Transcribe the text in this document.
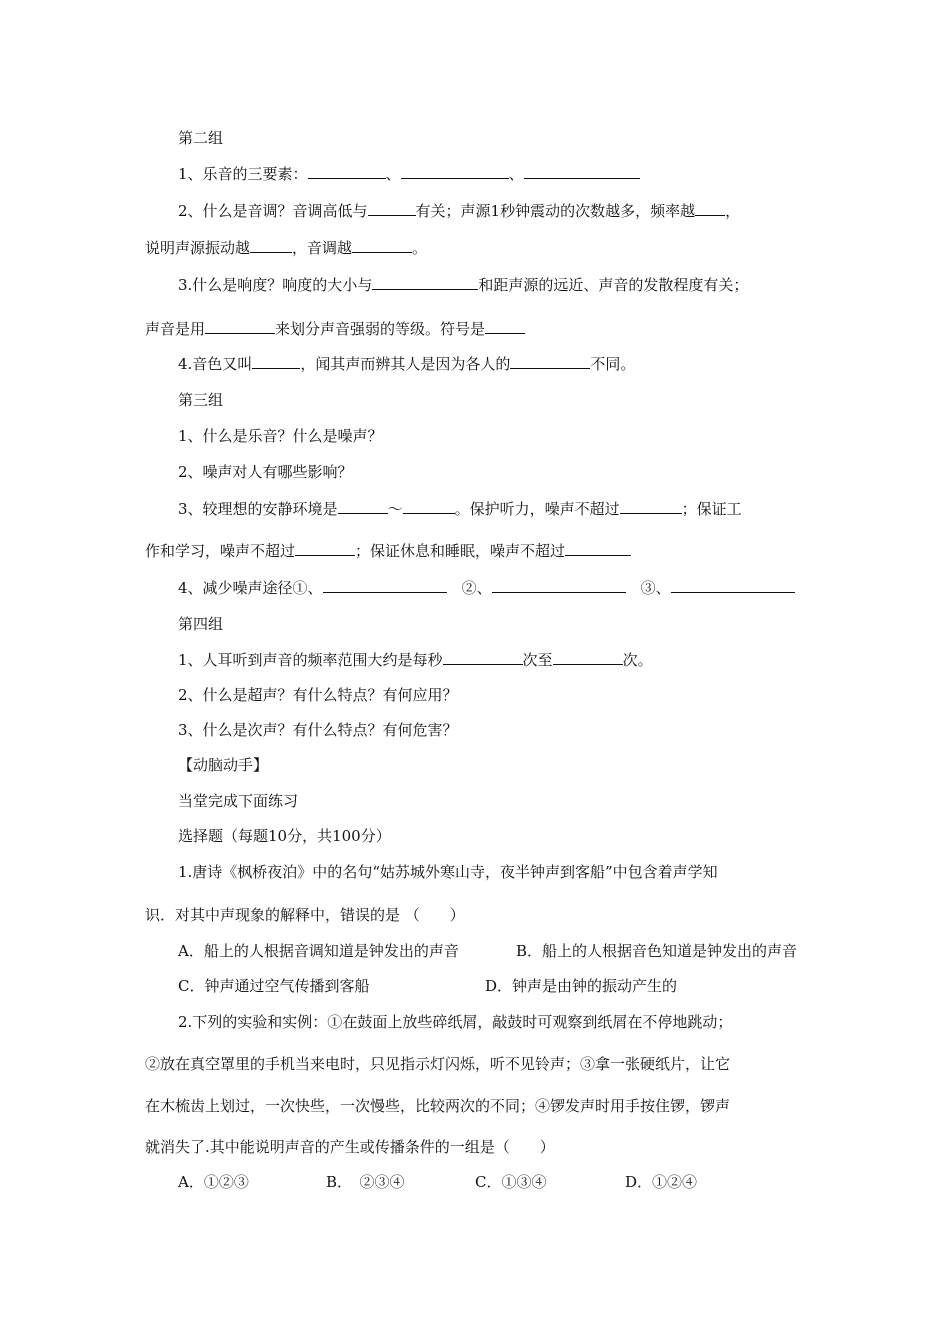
第二组
1、乐音的三要素：	、	、
2、什么是音调？音调高低与	有关；声源1秒钟震动的次数越多，频率越 ，
说明声源振动越	，音调越	。
3.什么是响度？响度的大小与	和距声源的远近、声音的发散程度有关；
声音是用	来划分声音强弱的等级。符号是
4.音色又叫	，闻其声而辨其人是因为各人的	不同。
第三组
1、什么是乐音？什么是噪声？
2、噪声对人有哪些影响？
3、较理想的安静环境是	～	。保护听力，噪声不超过	；保证工
作和学习，噪声不超过	；保证休息和睡眠，噪声不超过
4、减少噪声途径①、　	②、　	③、
第四组
1、人耳听到声音的频率范围大约是每秒	次至	次。
2、什么是超声？有什么特点？有何应用？
3、什么是次声？有什么特点？有何危害？
【动脑动手】
当堂完成下面练习
选择题（每题10分，共100分）
1.唐诗《枫桥夜泊》中的名句“姑苏城外寒山寺，夜半钟声到客船”中包含着声学知
识．对其中声现象的解释中，错误的是 （　　）
A．船上的人根据音调知道是钟发出的声音	B．船上的人根据音色知道是钟发出的声音
C．钟声通过空气传播到客船	D．钟声是由钟的振动产生的
2.下列的实验和实例：①在鼓面上放些碎纸屑，敲鼓时可观察到纸屑在不停地跳动；
②放在真空罩里的手机当来电时，只见指示灯闪烁，听不见铃声；③拿一张硬纸片，让它
在木梳齿上划过，一次快些，一次慢些，比较两次的不同；④锣发声时用手按住锣，锣声
就消失了.其中能说明声音的产生或传播条件的一组是（　　）
A．①②③	B．　②③④	C．①③④	D．①②④
